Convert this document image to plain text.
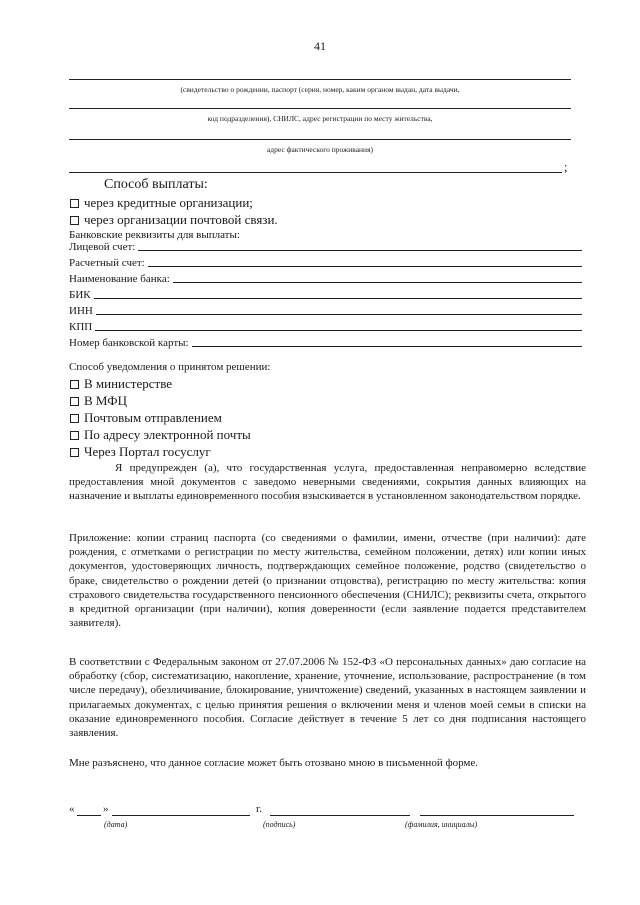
41
(свидетельство о рождении, паспорт (серия, номер, каким органом выдан, дата выдачи,
код подразделения), СНИЛС, адрес регистрации по месту жительства,
адрес фактического проживания)
;
Способ выплаты:
через кредитные организации;
через организации почтовой связи.
Банковские реквизиты для выплаты:
Лицевой счет:
Расчетный счет:
Наименование банка:
БИК
ИНН
КПП
Номер банковской карты:
Способ уведомления о принятом решении:
В министерстве
В МФЦ
Почтовым отправлением
По адресу электронной почты
Через Портал госуслуг
Я предупрежден (а), что государственная услуга, предоставленная неправомерно вследствие предоставления мной документов с заведомо неверными сведениями, сокрытия данных влияющих на назначение и выплаты единовременного пособия взыскивается в установленном законодательством порядке.
Приложение: копии страниц паспорта (со сведениями о фамилии, имени, отчестве (при наличии): дате рождения, с отметками о регистрации по месту жительства, семейном положении, детях) или копии иных документов, удостоверяющих личность, подтверждающих семейное положение, родство (свидетельство о браке, свидетельство о рождении детей (о признании отцовства), регистрацию по месту жительства: копия страхового свидетельства государственного пенсионного обеспечения (СНИЛС); реквизиты счета, открытого в кредитной организации (при наличии), копия доверенности (если заявление подается представителем заявителя).
В соответствии с Федеральным законом от 27.07.2006 № 152-ФЗ «О персональных данных» даю согласие на обработку (сбор, систематизацию, накопление, хранение, уточнение, использование, распространение (в том числе передачу), обезличивание, блокирование, уничтожение) сведений, указанных в настоящем заявлении и прилагаемых документах, с целью принятия решения о включении меня и членов моей семьи в списки на оказание единовременного пособия. Согласие действует в течение 5 лет со дня подписания настоящего заявления.
Мне разъяснено, что данное согласие может быть отозвано мною в письменной форме.
«	»	г.
(дата)	(подпись)	(фамилия, инициалы)
